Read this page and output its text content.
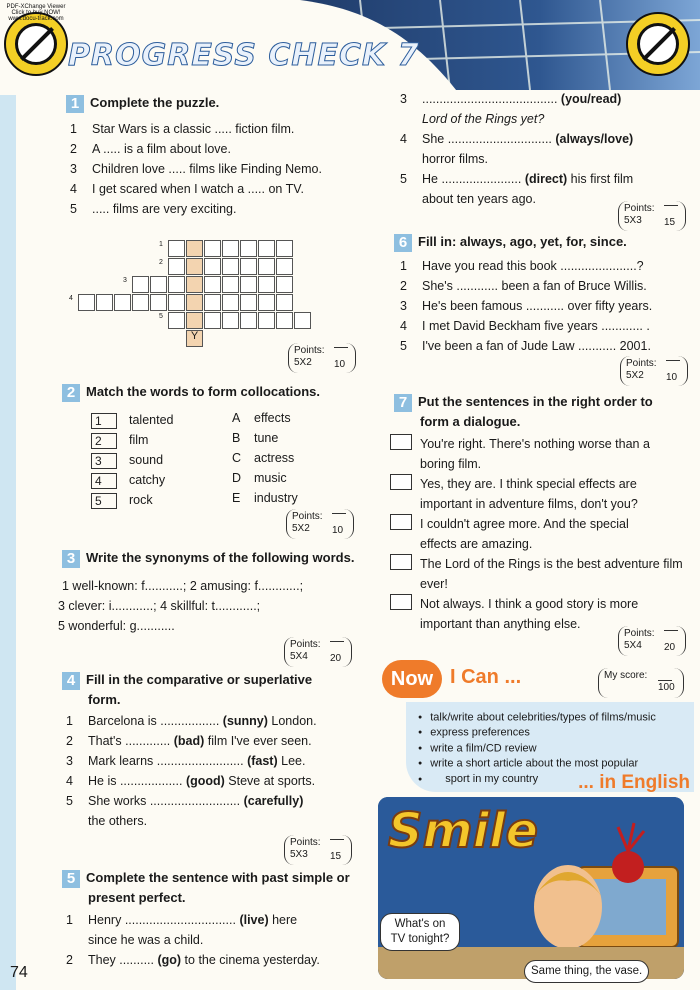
PROGRESS CHECK 7
PDF-XChange Viewer Click to buy NOW! www.docu-track.com
1 Complete the puzzle.
1 Star Wars is a classic ..... fiction film.
2 A ..... is a film about love.
3 Children love ..... films like Finding Nemo.
4 I get scared when I watch a ..... on TV.
5 ..... films are very exciting.
Points:
5X2 10
2 Match the words to form collocations.
1 talented
2 film
3 sound
4 catchy
5 rock
A effects
B tune
C actress
D music
E industry
Points:
5X2 10
3 Write the synonyms of the following words.
1 well-known: f...........; 2 amusing: f............;
3 clever: i............; 4 skillful: t............;
5 wonderful: g...........
Points:
5X4 20
4 Fill in the comparative or superlative
form.
1 Barcelona is ................. (sunny) London.
2 That's ............. (bad) film I've ever seen.
3 Mark learns ......................... (fast) Lee.
4 He is .................. (good) Steve at sports.
5 She works .......................... (carefully)
the others.
Points:
5X3 15
5 Complete the sentence with past simple or
present perfect.
1 Henry ................................ (live) here
since he was a child.
2 They .......... (go) to the cinema yesterday.
74
3 ....................................... (you/read)
Lord of the Rings yet?
4 She .............................. (always/love)
horror films.
5 He ....................... (direct) his first film
about ten years ago.
Points:
5X3 15
6 Fill in: always, ago, yet, for, since.
1 Have you read this book ......................?
2 She's ............ been a fan of Bruce Willis.
3 He's been famous ........... over fifty years.
4 I met David Beckham five years ............ .
5 I've been a fan of Jude Law ........... 2001.
Points:
5X2 10
7 Put the sentences in the right order to
form a dialogue.
You're right. There's nothing worse than a
boring film.
Yes, they are. I think special effects are
important in adventure films, don't you?
I couldn't agree more. And the special
effects are amazing.
The Lord of the Rings is the best adventure film
ever!
Not always. I think a good story is more
important than anything else.
Points:
5X4 20
Now I Can ...
● talk/write about celebrities/types of films/music
● express preferences
● write a film/CD review
● write a short article about the most popular
● sport in my country	... in English
My score:
100
Smile
What's on
TV tonight?
Same thing, the vase.
1
2
3
4
5
Y
